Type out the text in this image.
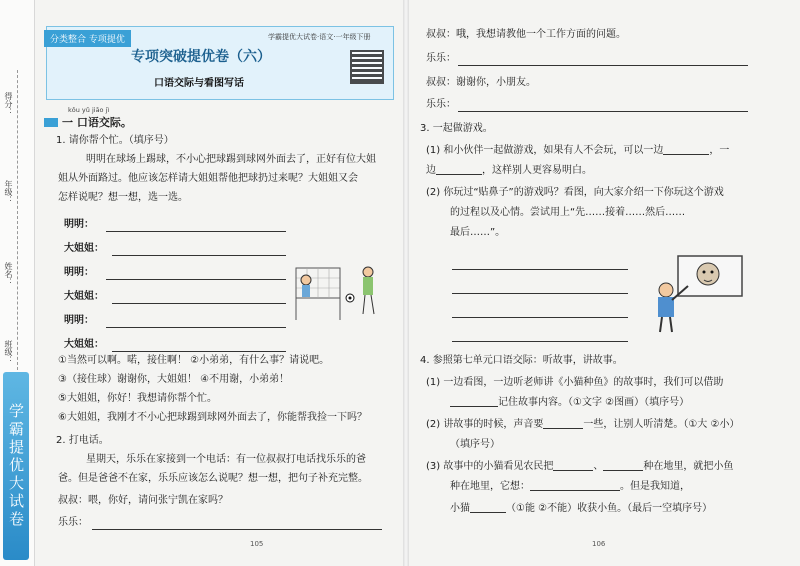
得分：
年级：
姓名：
班级：
学霸提优大试卷
分类整合 专项提优	学霸提优大试卷·语文·一年级下册
专项突破提优卷（六）
口语交际与看图写话
kǒu yǔ jiāo jì
一 口语交际。
1. 请你帮个忙。（填序号）
明明在球场上踢球，不小心把球踢到球网外面去了，正好有位大姐
姐从外面路过。他应该怎样请大姐姐帮他把球扔过来呢？大姐姐又会
怎样说呢？想一想，选一选。
明明：
大姐姐：
明明：
大姐姐：
明明：
大姐姐：
①当然可以啊。喏，接住啊！ ②小弟弟，有什么事？请说吧。
③（接住球）谢谢你，大姐姐！ ④不用谢，小弟弟！
⑤大姐姐，你好！我想请你帮个忙。
⑥大姐姐，我刚才不小心把球踢到球网外面去了，你能帮我捡一下吗？
2. 打电话。
星期天，乐乐在家接到一个电话：有一位叔叔打电话找乐乐的爸
爸。但是爸爸不在家，乐乐应该怎么说呢？想一想，把句子补充完整。
叔叔：喂，你好，请问张宁凯在家吗？
乐乐：
105
叔叔：哦，我想请教他一个工作方面的问题。
乐乐：
叔叔：谢谢你，小朋友。
乐乐：
3. 一起做游戏。
(1) 和小伙伴一起做游戏，如果有人不会玩，可以一边	，一
边	，这样别人更容易明白。
(2) 你玩过“贴鼻子”的游戏吗？看图，向大家介绍一下你玩这个游戏
的过程以及心情。尝试用上“先……接着……然后……
最后……”。
4. 参照第七单元口语交际：听故事，讲故事。
(1) 一边看图，一边听老师讲《小猫种鱼》的故事时，我们可以借助
记住故事内容。（①文字 ②图画）（填序号）
(2) 讲故事的时候，声音要	一些，让别人听清楚。（①大 ②小）
（填序号）
(3) 故事中的小猫看见农民把	、	种在地里，就把小鱼
种在地里，它想：	。但是我知道，
小猫	（①能 ②不能）收获小鱼。（最后一空填序号）
106
